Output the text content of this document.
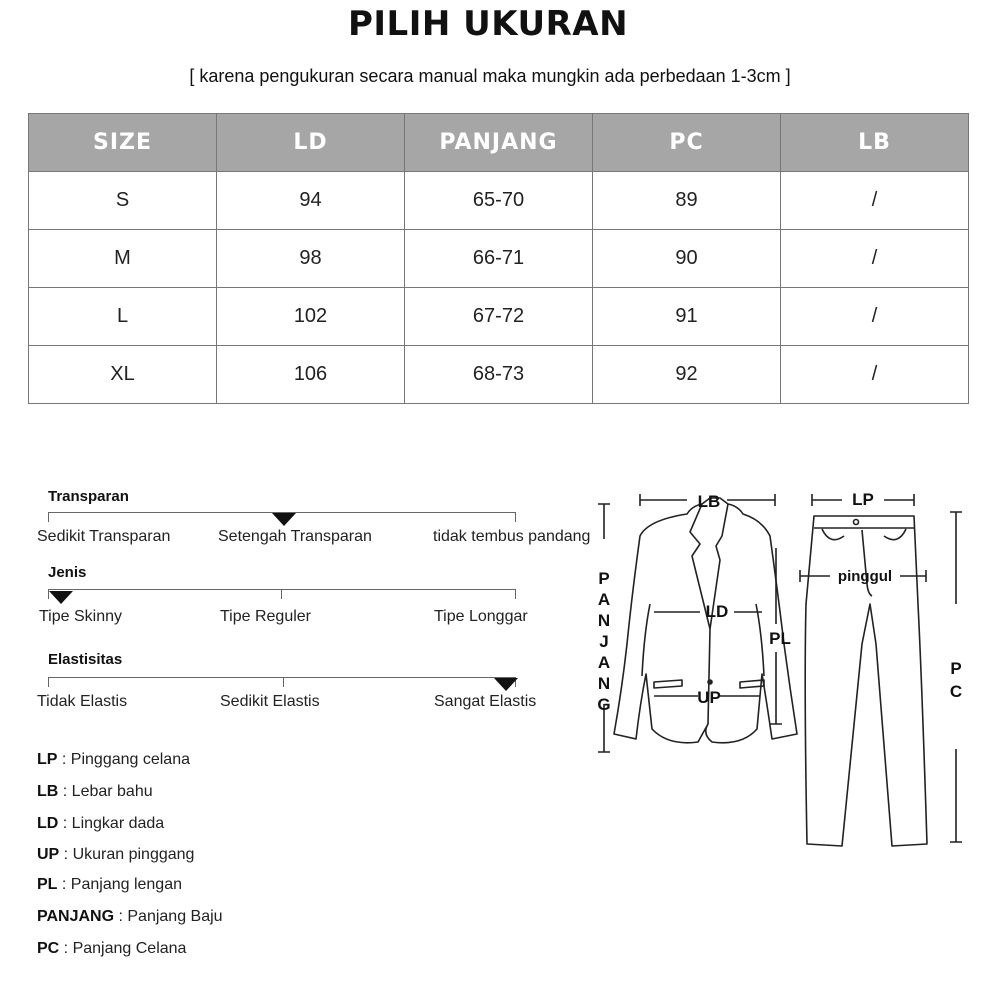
PILIH UKURAN
[ karena pengukuran secara manual maka mungkin ada perbedaan 1-3cm ]
SIZE	LD	PANJANG	PC	LB
S	94	65-70	89	/
M	98	66-71	90	/
L	102	67-72	91	/
XL	106	68-73	92	/
Transparan
Sedikit Transparan	Setengah Transparan	tidak tembus pandang
Jenis
Tipe Skinny	Tipe Reguler	Tipe Longgar
Elastisitas
Tidak Elastis	Sedikit Elastis	Sangat Elastis
LP : Pinggang celana
LB : Lebar bahu
LD : Lingkar dada
UP : Ukuran pinggang
PL : Panjang lengan
PANJANG : Panjang Baju
PC : Panjang Celana
LB	LP
LD
UP
PL
pinggul
P
A
N
J
A
N
G
P
C
